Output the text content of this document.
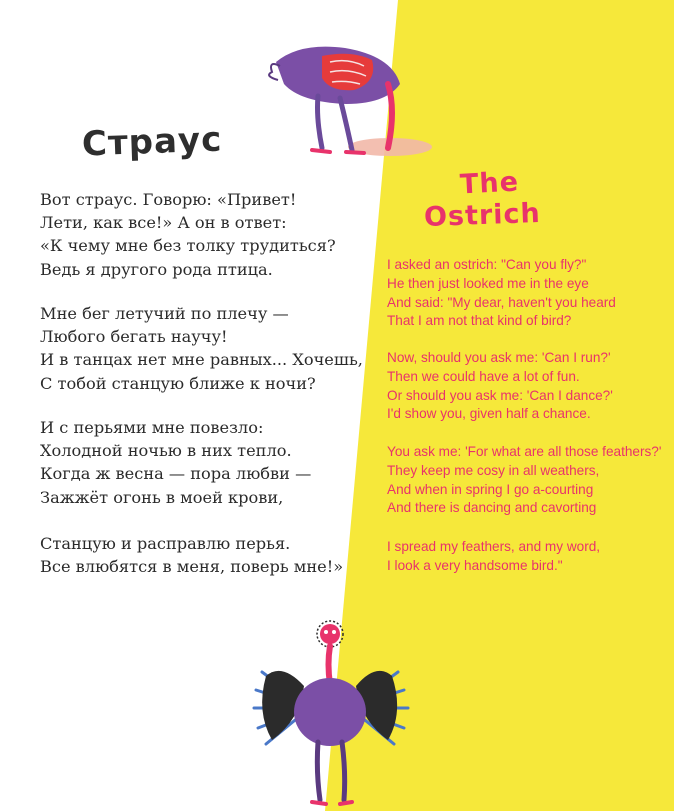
Страус
The
Ostrich
Вот страус. Говорю: «Привет!
Лети, как все!» А он в ответ:
«К чему мне без толку трудиться?
Ведь я другого рода птица.
Мне бег летучий по плечу —
Любого бегать научу!
И в танцах нет мне равных... Хочешь,
С тобой станцую ближе к ночи?
И с перьями мне повезло:
Холодной ночью в них тепло.
Когда ж весна — пора любви —
Зажжёт огонь в моей крови,
Станцую и расправлю перья.
Все влюбятся в меня, поверь мне!»
I asked an ostrich: "Can you fly?"
He then just looked me in the eye
And said: "My dear, haven't you heard
That I am not that kind of bird?
Now, should you ask me: 'Can I run?'
Then we could have a lot of fun.
Or should you ask me: 'Can I dance?'
I'd show you, given half a chance.
You ask me: 'For what are all those feathers?'
They keep me cosy in all weathers,
And when in spring I go a-courting
And there is dancing and cavorting
I spread my feathers, and my word,
I look a very handsome bird."
